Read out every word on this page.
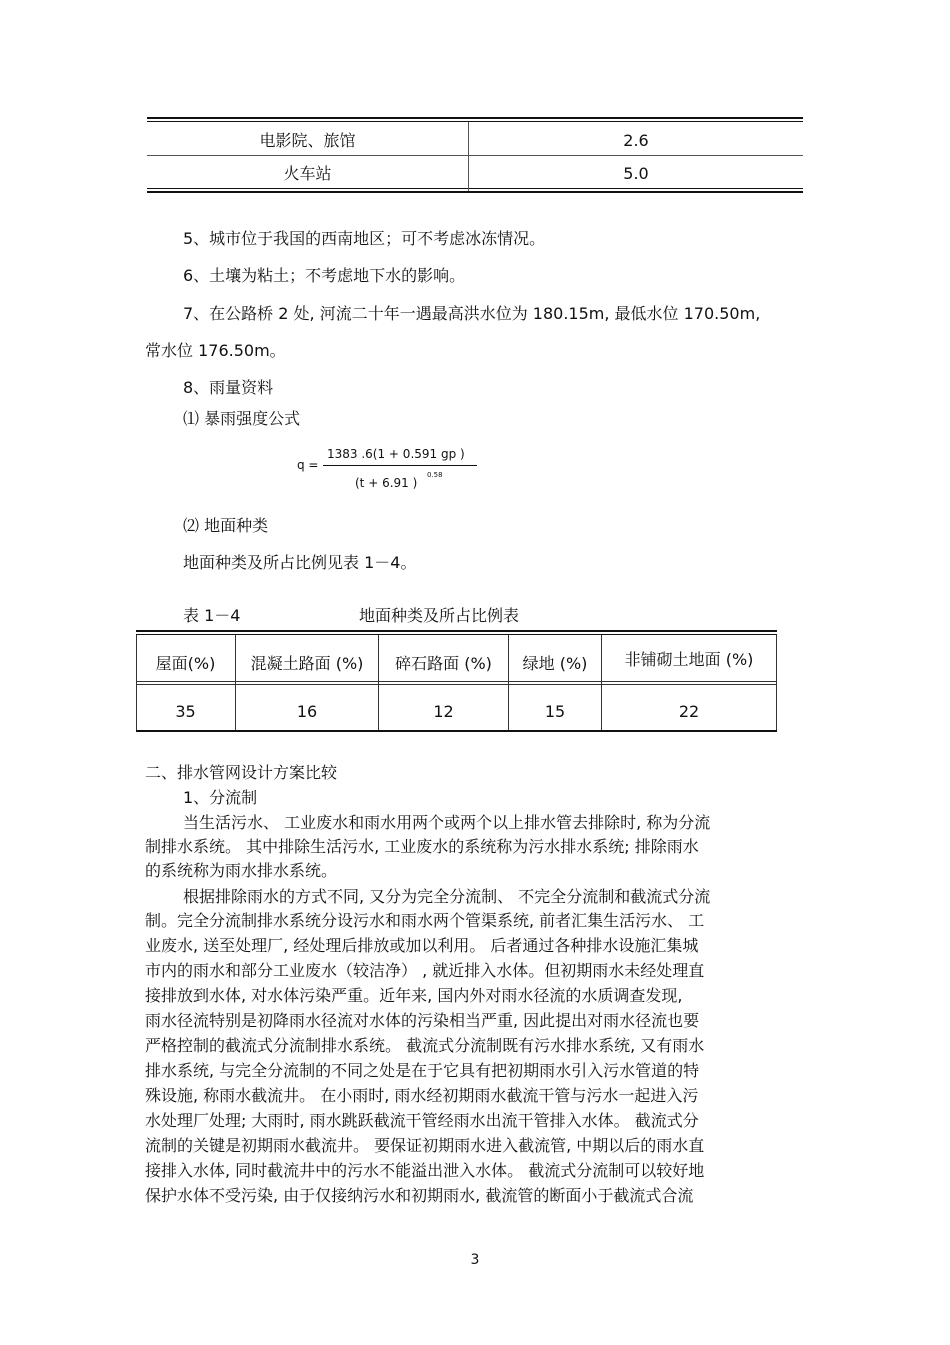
电影院、旅馆	2.6
火车站	5.0
5、城市位于我国的西南地区；可不考虑冰冻情况。
6、土壤为粘土；不考虑地下水的影响。
7、在公路桥 2 处, 河流二十年一遇最高洪水位为 180.15m, 最低水位 170.50m,
常水位 176.50m。
8、雨量资料
⑴ 暴雨强度公式
q =
1383 .6(1 + 0.591 gp )
(t + 6.91 )
0.58
⑵ 地面种类
地面种类及所占比例见表 1－4。
表 1－4	地面种类及所占比例表
屋面(%)	混凝土路面 (%)	碎石路面 (%)	绿地 (%)	非铺砌土地面 (%)
35	16	12	15	22
二、排水管网设计方案比较
1、分流制
当生活污水、 工业废水和雨水用两个或两个以上排水管去排除时, 称为分流
制排水系统。 其中排除生活污水, 工业废水的系统称为污水排水系统; 排除雨水
的系统称为雨水排水系统。
根据排除雨水的方式不同, 又分为完全分流制、 不完全分流制和截流式分流
制。完全分流制排水系统分设污水和雨水两个管渠系统, 前者汇集生活污水、 工
业废水, 送至处理厂, 经处理后排放或加以利用。 后者通过各种排水设施汇集城
市内的雨水和部分工业废水（较洁净） , 就近排入水体。但初期雨水未经处理直
接排放到水体, 对水体污染严重。近年来, 国内外对雨水径流的水质调查发现,
雨水径流特别是初降雨水径流对水体的污染相当严重, 因此提出对雨水径流也要
严格控制的截流式分流制排水系统。 截流式分流制既有污水排水系统, 又有雨水
排水系统, 与完全分流制的不同之处是在于它具有把初期雨水引入污水管道的特
殊设施, 称雨水截流井。 在小雨时, 雨水经初期雨水截流干管与污水一起进入污
水处理厂处理; 大雨时, 雨水跳跃截流干管经雨水出流干管排入水体。 截流式分
流制的关键是初期雨水截流井。 要保证初期雨水进入截流管, 中期以后的雨水直
接排入水体, 同时截流井中的污水不能溢出泄入水体。 截流式分流制可以较好地
保护水体不受污染, 由于仅接纳污水和初期雨水, 截流管的断面小于截流式合流
3
